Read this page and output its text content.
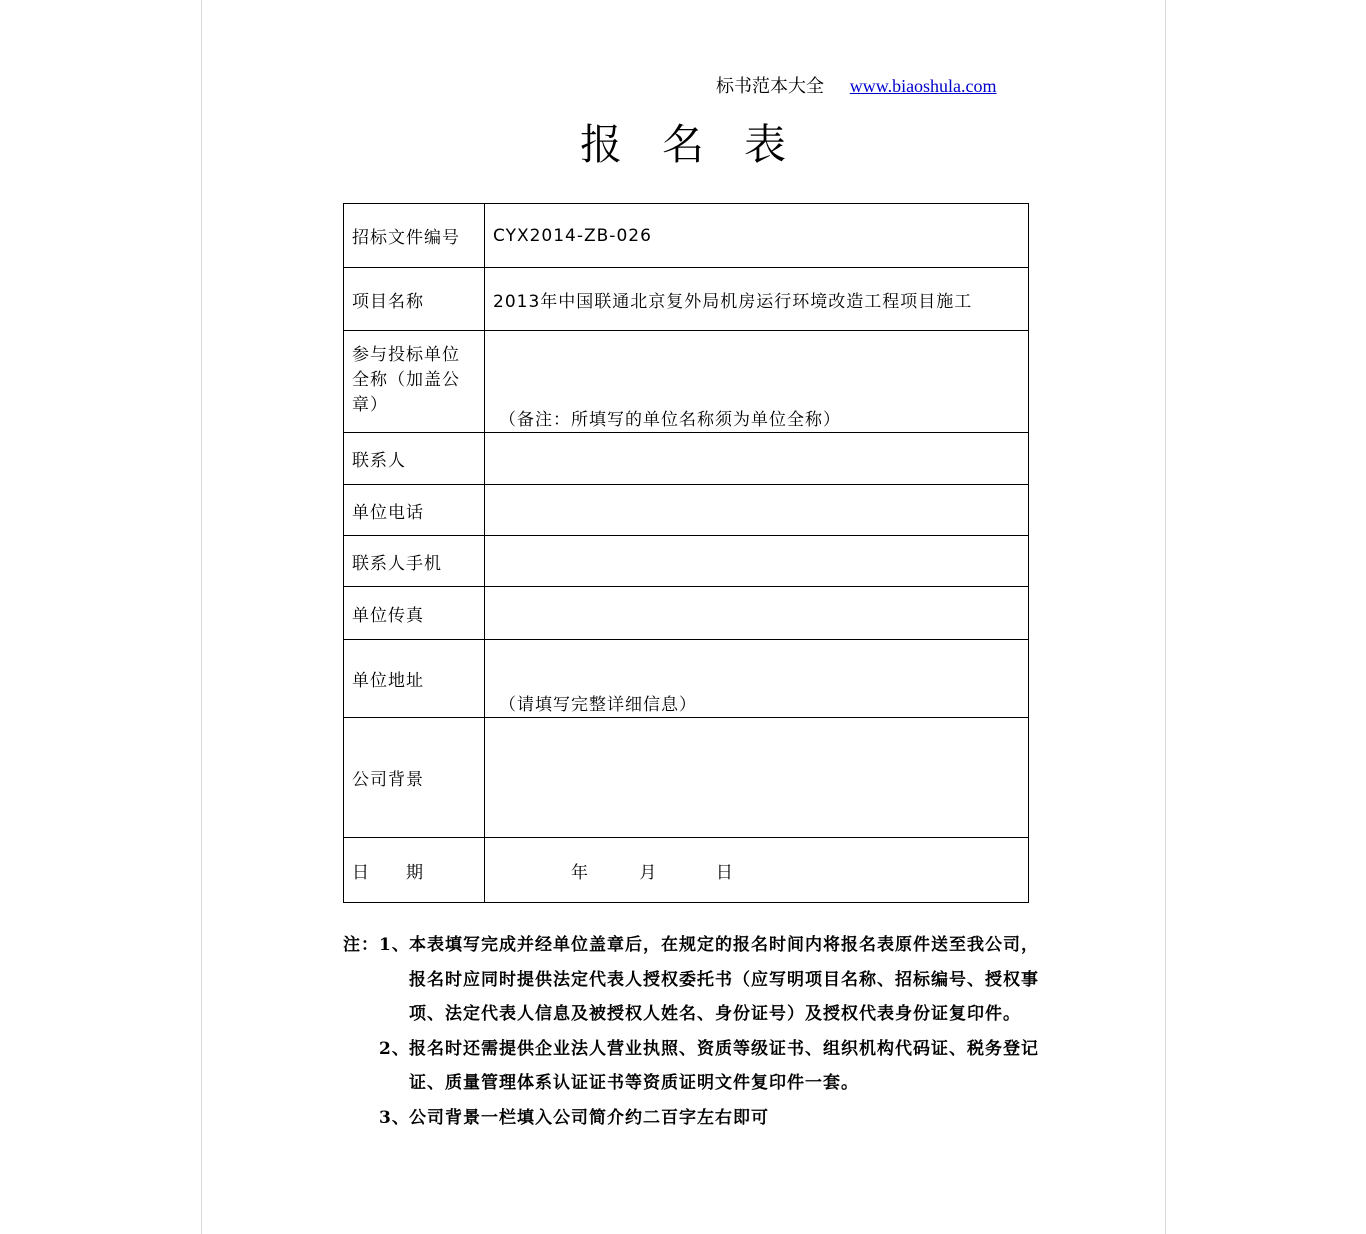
标书范本大全 www.biaoshula.com
报名表
招标文件编号	CYX2014-ZB-026
项目名称	2013年中国联通北京复外局机房运行环境改造工程项目施工
参与投标单位全称（加盖公章）	（备注：所填写的单位名称须为单位全称）

联系人	
单位电话	
联系人手机	
单位传真	
单位地址	（请填写完整详细信息）

公司背景	
日　　期	年 月 日
注： 1、 本表填写完成并经单位盖章后，在规定的报名时间内将报名表原件送至我公司，报名时应同时提供法定代表人授权委托书（应写明项目名称、招标编号、授权事项、法定代表人信息及被授权人姓名、身份证号）及授权代表身份证复印件。
2、 报名时还需提供企业法人营业执照、资质等级证书、组织机构代码证、税务登记证、质量管理体系认证证书等资质证明文件复印件一套。
3、 公司背景一栏填入公司简介约二百字左右即可
